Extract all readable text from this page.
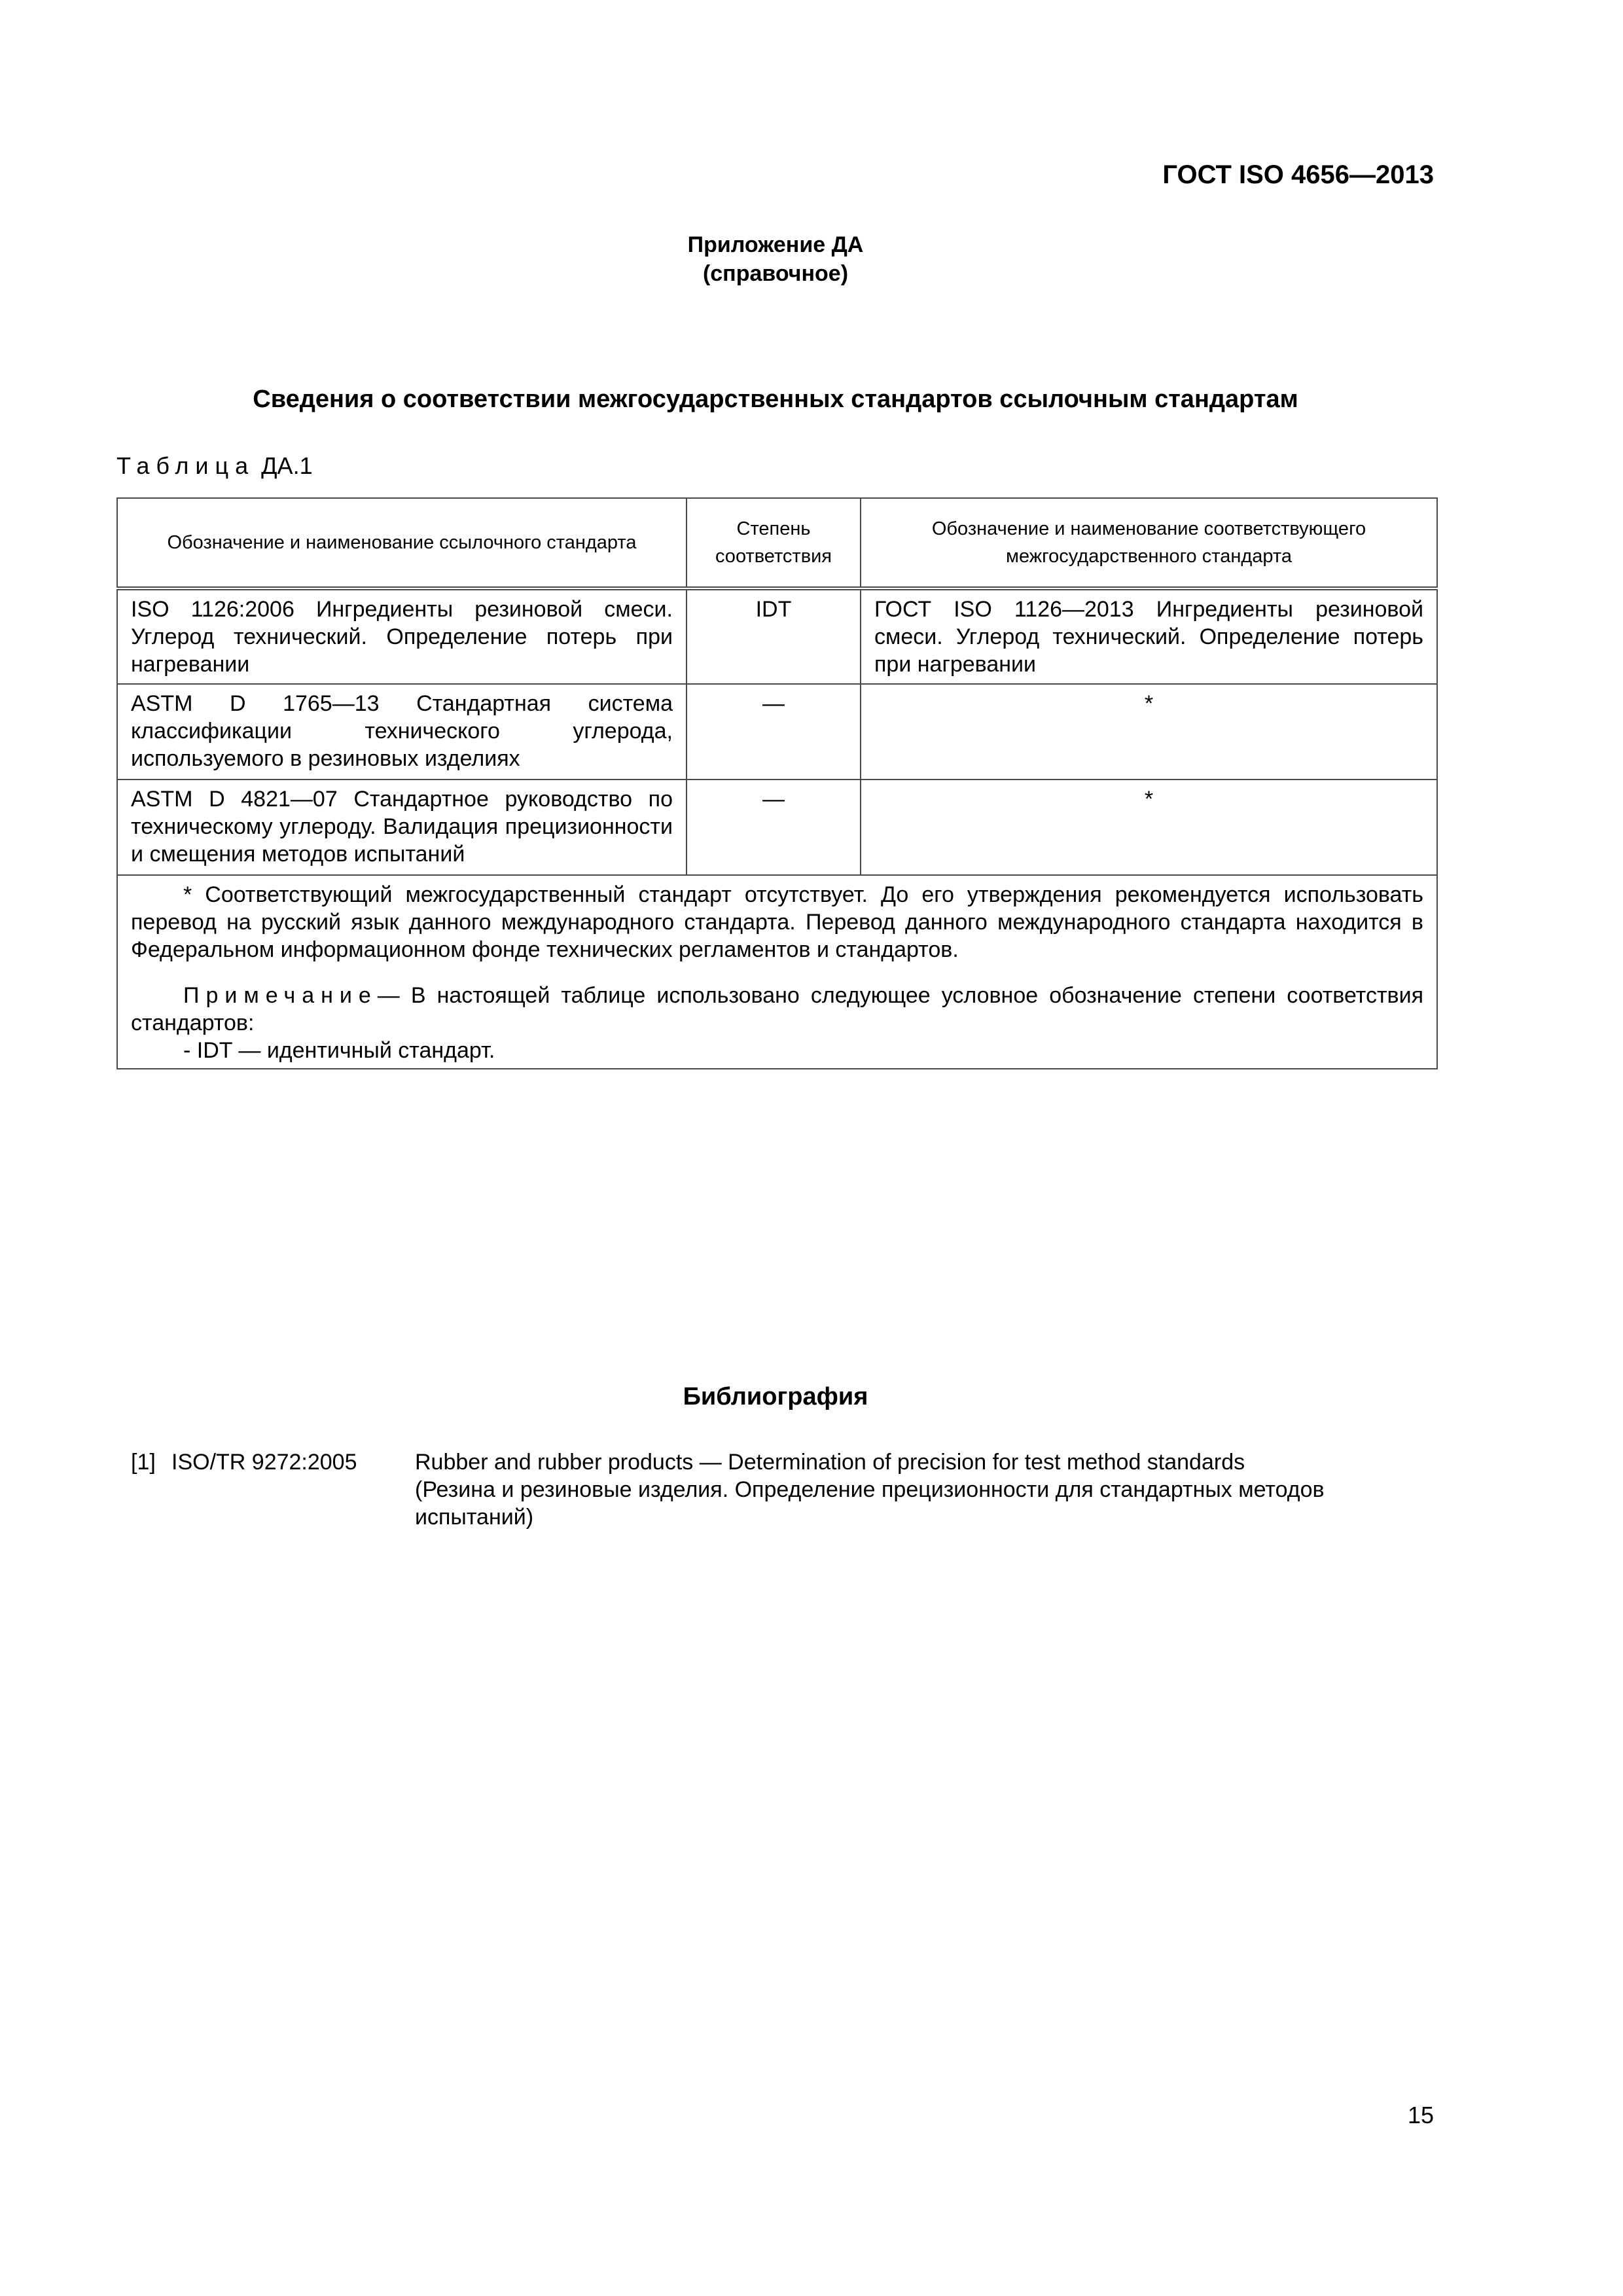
ГОСТ ISO 4656—2013
Приложение ДА
(справочное)
Сведения о соответствии межгосударственных стандартов ссылочным стандартам
Таблица ДА.1
Обозначение и наименование ссылочного стандарта	Степень соответствия	Обозначение и наименование соответствующего межгосударственного стандарта
ISO 1126:2006 Ингредиенты резиновой смеси. Углерод технический. Определение потерь при нагревании	IDT	ГОСТ ISO 1126—2013 Ингредиенты резиновой смеси. Углерод технический. Определение потерь при нагревании
ASTM D 1765—13 Стандартная система классификации технического углерода, используемого в резиновых изделиях	—	*
ASTM D 4821—07 Стандартное руководство по техническому углероду. Валидация прецизионности и смещения методов испытаний	—	*

* Соответствующий межгосударственный стандарт отсутствует. До его утверждения рекомендуется использовать перевод на русский язык данного международного стандарта. Перевод данного международного стандарта находится в Федеральном информационном фонде технических регламентов и стандартов.

Примечание— В настоящей таблице использовано следующее условное обозначение степени соответствия стандартов:

- IDT — идентичный стандарт.		

Библиография
[1] ISO/TR 9272:2005	Rubber and rubber products — Determination of precision for test method standards
(Резина и резиновые изделия. Определение прецизионности для стандартных методов испытаний)
15
